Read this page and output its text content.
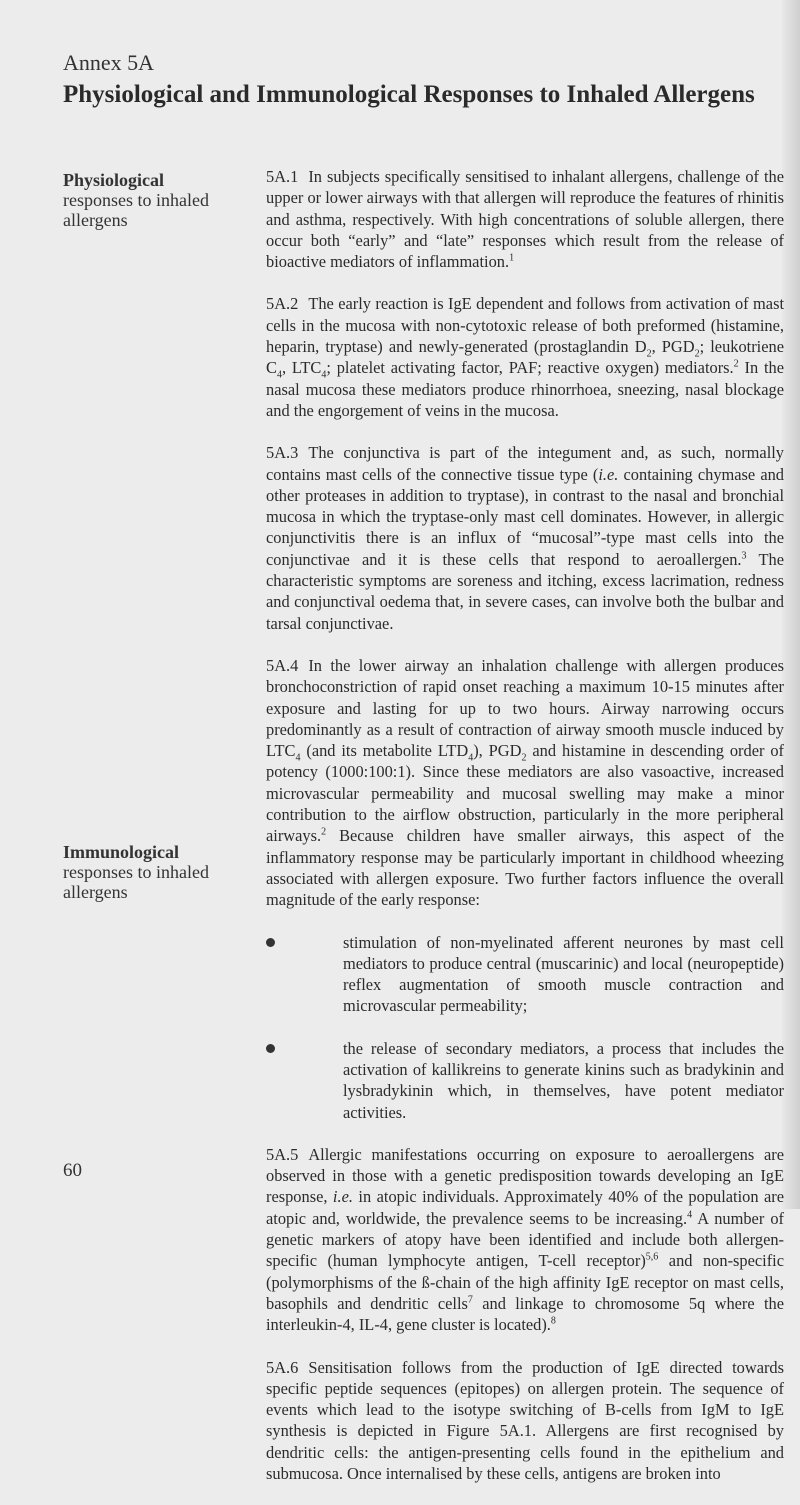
Annex 5A
Physiological and Immunological Responses to Inhaled Allergens
Physiological
responses to inhaled
allergens
Immunological
responses to inhaled
allergens

5A.1 In subjects specifically sensitised to inhalant allergens, challenge of the upper or lower airways with that allergen will reproduce the features of rhinitis and asthma, respectively. With high concentrations of soluble allergen, there occur both “early” and “late” responses which result from the release of bioactive mediators of inflammation.$^1$

5A.2 The early reaction is IgE dependent and follows from activation of mast cells in the mucosa with non-cytotoxic release of both preformed (histamine, heparin, tryptase) and newly-generated (prostaglandin $D_2$, $PGD_2$; leukotriene $C_4$, $LTC_4$; platelet activating factor, PAF; reactive oxygen) mediators.$^2$ In the nasal mucosa these mediators produce rhinorrhoea, sneezing, nasal blockage and the engorgement of veins in the mucosa.

5A.3 The conjunctiva is part of the integument and, as such, normally contains mast cells of the connective tissue type (i.e. containing chymase and other proteases in addition to tryptase), in contrast to the nasal and bronchial mucosa in which the tryptase-only mast cell dominates. However, in allergic conjunctivitis there is an influx of “mucosal”-type mast cells into the conjunctivae and it is these cells that respond to aeroallergen.$^3$ The characteristic symptoms are soreness and itching, excess lacrimation, redness and conjunctival oedema that, in severe cases, can involve both the bulbar and tarsal conjunctivae.

5A.4 In the lower airway an inhalation challenge with allergen produces bronchoconstriction of rapid onset reaching a maximum 10-15 minutes after exposure and lasting for up to two hours. Airway narrowing occurs predominantly as a result of contraction of airway smooth muscle induced by $LTC_4$ (and its metabolite $LTD_4$), $PGD_2$ and histamine in descending order of potency (1000:100:1). Since these mediators are also vasoactive, increased microvascular permeability and mucosal swelling may make a minor contribution to the airflow obstruction, particularly in the more peripheral airways.$^2$ Because children have smaller airways, this aspect of the inflammatory response may be particularly important in childhood wheezing associated with allergen exposure. Two further factors influence the overall magnitude of the early response:

stimulation of non-myelinated afferent neurones by mast cell mediators to produce central (muscarinic) and local (neuropeptide) reflex augmentation of smooth muscle contraction and microvascular permeability;
the release of secondary mediators, a process that includes the activation of kallikreins to generate kinins such as bradykinin and lysbradykinin which, in themselves, have potent mediator activities.

5A.5 Allergic manifestations occurring on exposure to aeroallergens are observed in those with a genetic predisposition towards developing an IgE response, i.e. in atopic individuals. Approximately 40% of the population are atopic and, worldwide, the prevalence seems to be increasing.$^4$ A number of genetic markers of atopy have been identified and include both allergen-specific (human lymphocyte antigen, T-cell receptor)$^{5,6}$ and non-specific (polymorphisms of the ß-chain of the high affinity IgE receptor on mast cells, basophils and dendritic cells$^7$ and linkage to chromosome 5q where the interleukin-4, IL-4, gene cluster is located).$^8$

5A.6 Sensitisation follows from the production of IgE directed towards specific peptide sequences (epitopes) on allergen protein. The sequence of events which lead to the isotype switching of B-cells from IgM to IgE synthesis is depicted in Figure 5A.1. Allergens are first recognised by dendritic cells: the antigen-presenting cells found in the epithelium and submucosa. Once internalised by these cells, antigens are broken into

60
